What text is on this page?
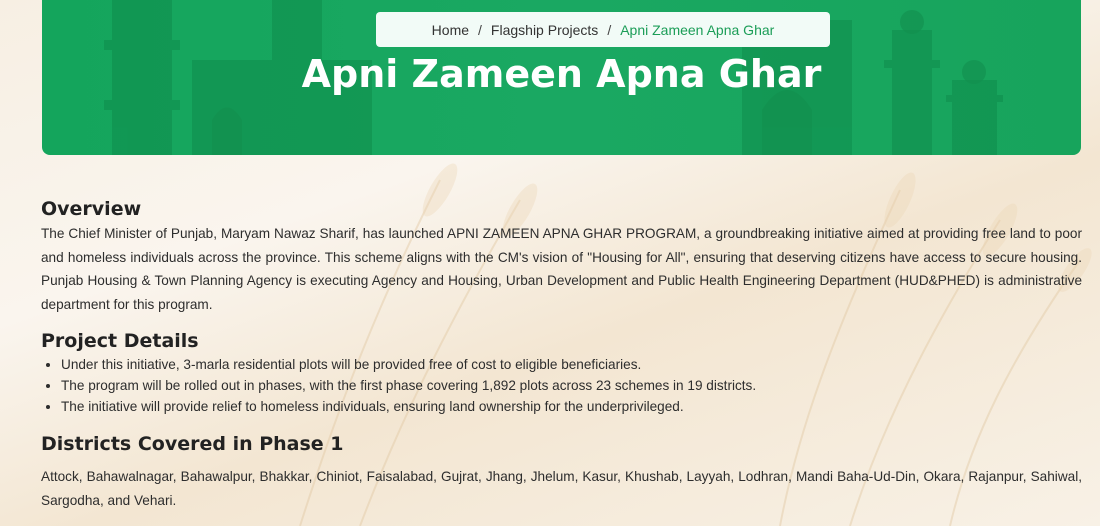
Home / Flagship Projects / Apni Zameen Apna Ghar
Apni Zameen Apna Ghar
Overview

The Chief Minister of Punjab, Maryam Nawaz Sharif, has launched APNI ZAMEEN APNA GHAR PROGRAM, a groundbreaking initiative aimed at providing free land to poor and homeless individuals across the province. This scheme aligns with the CM's vision of "Housing for All", ensuring that deserving citizens have access to secure housing. Punjab Housing & Town Planning Agency is executing Agency and Housing, Urban Development and Public Health Engineering Department (HUD&PHED) is administrative department for this program.

Project Details
• Under this initiative, 3-marla residential plots will be provided free of cost to eligible beneficiaries.
• The program will be rolled out in phases, with the first phase covering 1,892 plots across 23 schemes in 19 districts.
• The initiative will provide relief to homeless individuals, ensuring land ownership for the underprivileged.
Districts Covered in Phase 1

Attock, Bahawalnagar, Bahawalpur, Bhakkar, Chiniot, Faisalabad, Gujrat, Jhang, Jhelum, Kasur, Khushab, Layyah, Lodhran, Mandi Baha-Ud-Din, Okara, Rajanpur, Sahiwal, Sargodha, and Vehari.
